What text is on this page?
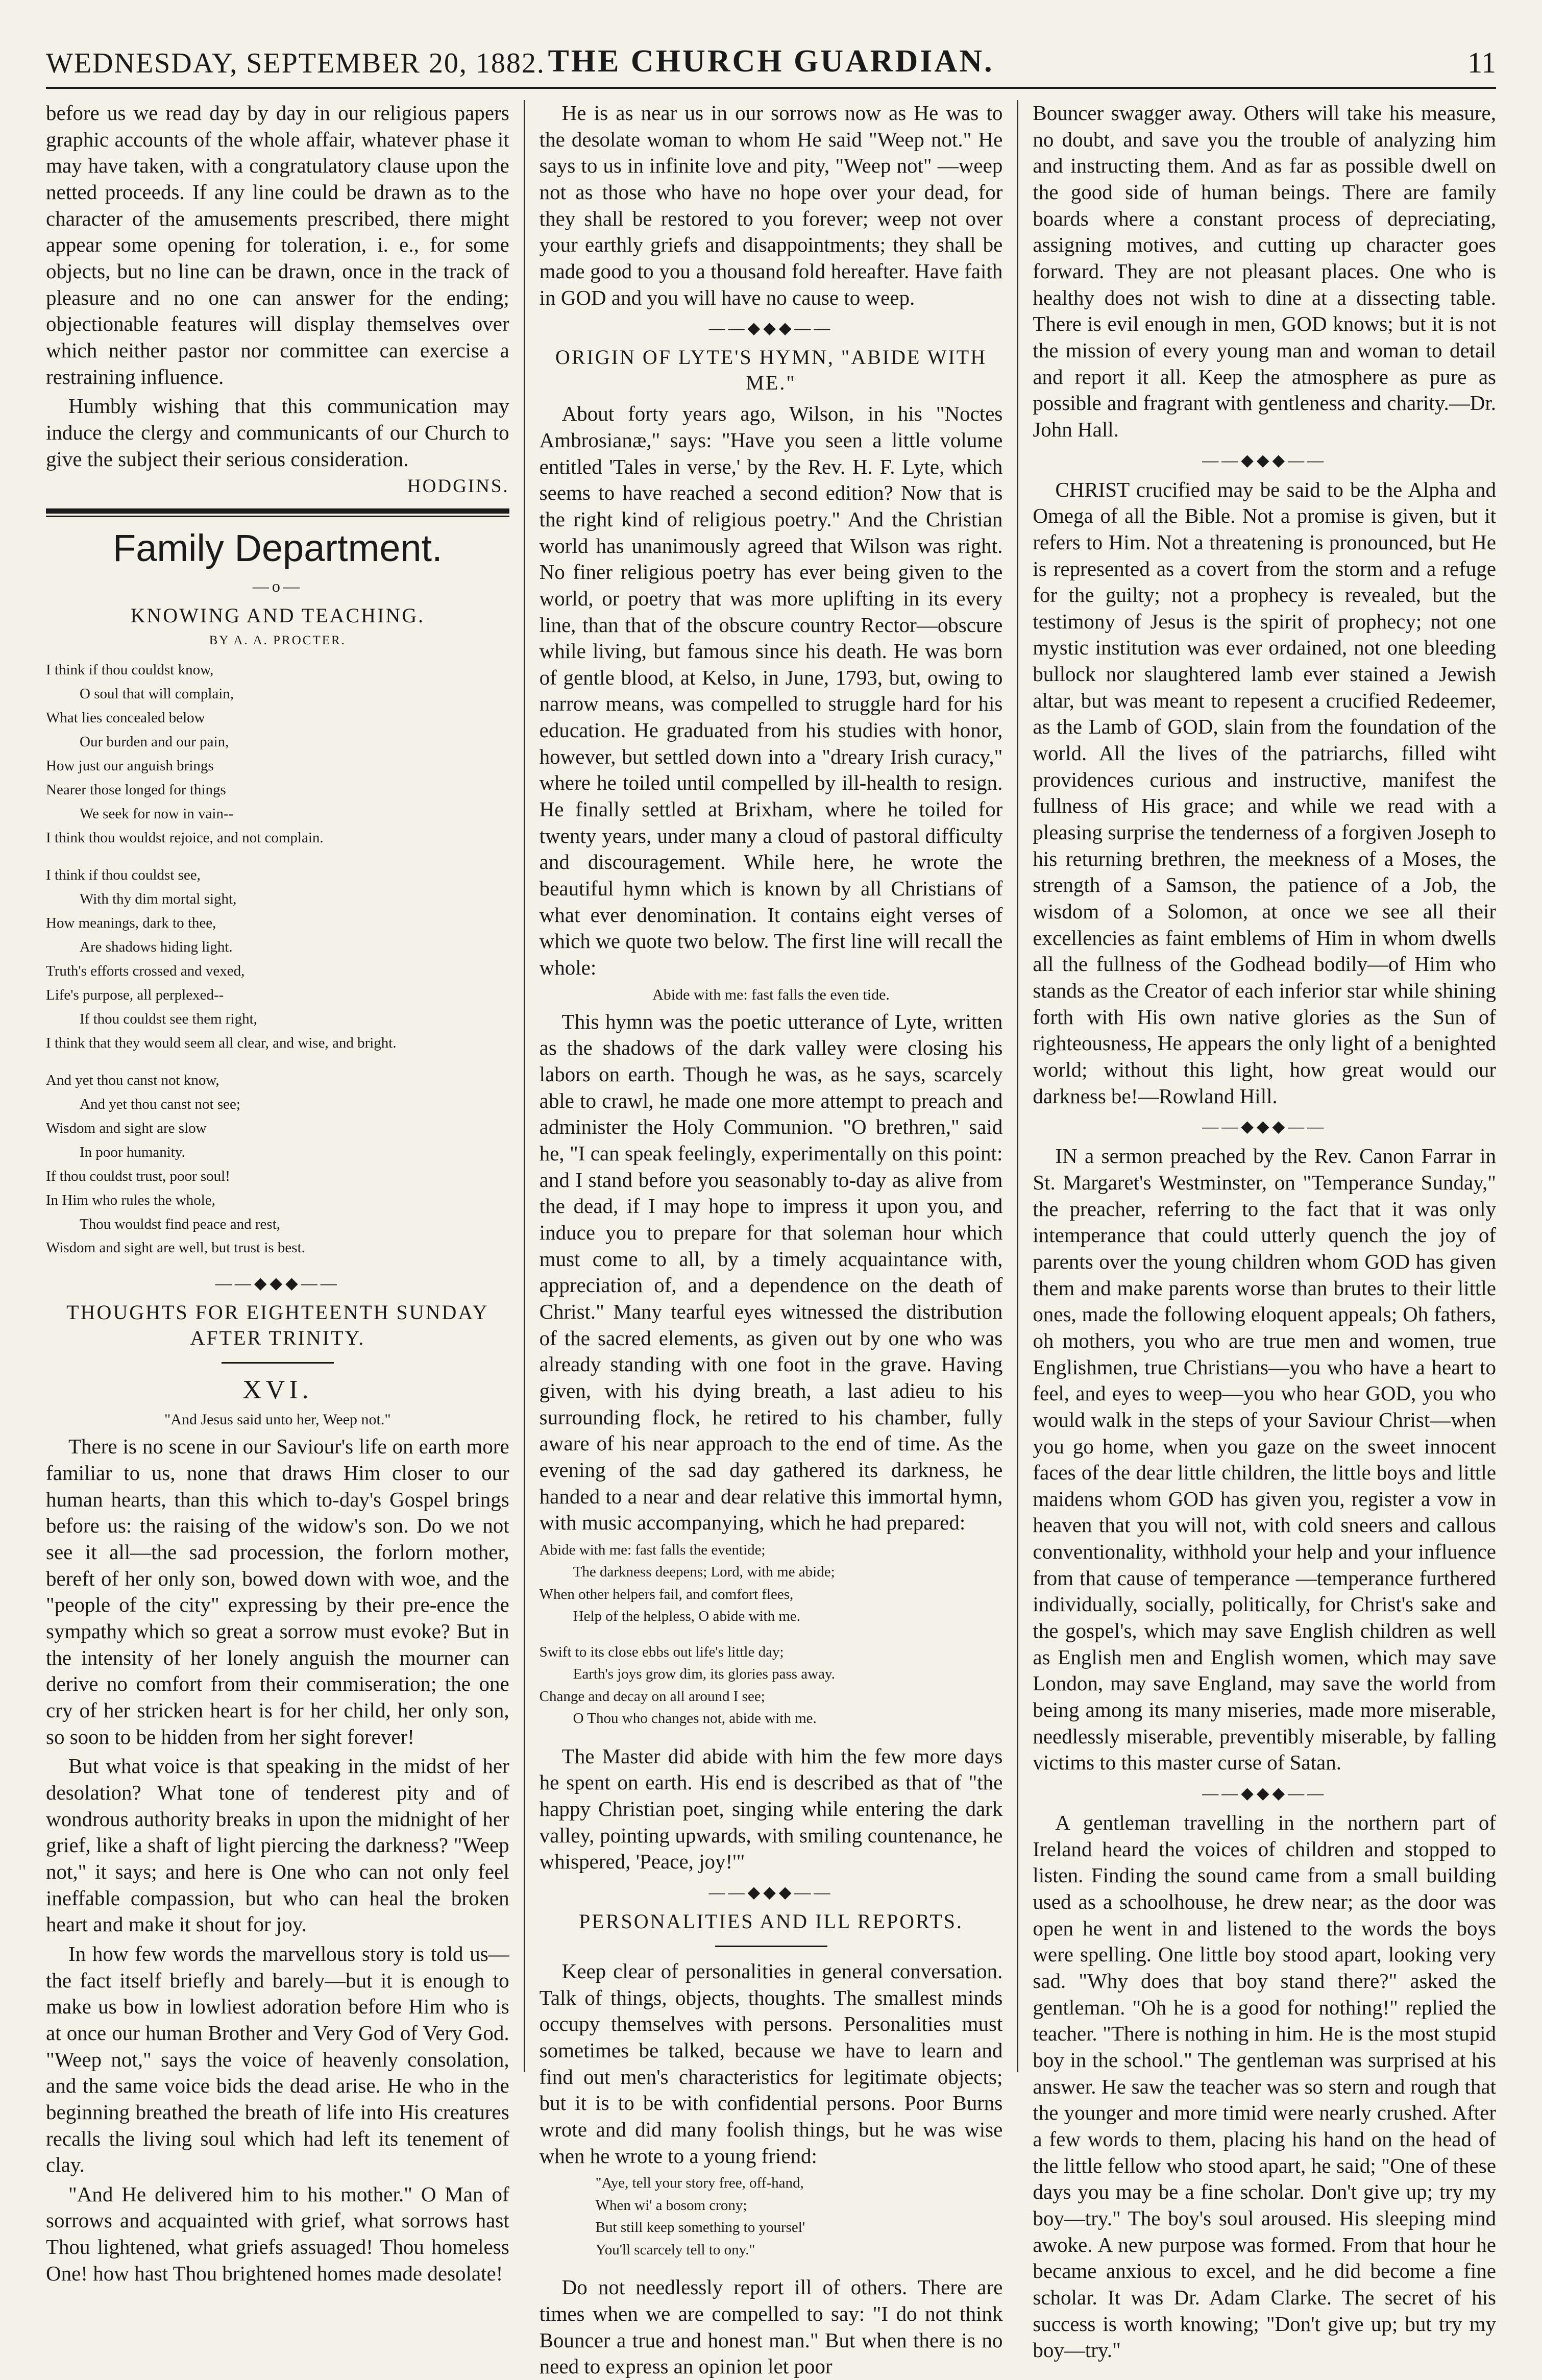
WEDNESDAY, SEPTEMBER 20, 1882. THE CHURCH GUARDIAN.	11

before us we read day by day in our religious papers graphic accounts of the whole affair, whatever phase it may have taken, with a congratulatory clause upon the netted proceeds. If any line could be drawn as to the character of the amusements prescribed, there might appear some opening for toleration, i. e., for some objects, but no line can be drawn, once in the track of pleasure and no one can answer for the ending; objectionable features will display themselves over which neither pastor nor committee can exercise a restraining influence.

Humbly wishing that this communication may induce the clergy and communicants of our Church to give the subject their serious consideration.

HODGINS.
Family Department.
—o—
KNOWING AND TEACHING.
BY A. A. PROCTER.
I think if thou couldst know,
O soul that will complain,
What lies concealed below
Our burden and our pain,
How just our anguish brings
Nearer those longed for things
We seek for now in vain--
I think thou wouldst rejoice, and not complain.
I think if thou couldst see,
With thy dim mortal sight,
How meanings, dark to thee,
Are shadows hiding light.
Truth's efforts crossed and vexed,
Life's purpose, all perplexed--
If thou couldst see them right,
I think that they would seem all clear, and wise, and bright.
And yet thou canst not know,
And yet thou canst not see;
Wisdom and sight are slow
In poor humanity.
If thou couldst trust, poor soul!
In Him who rules the whole,
Thou wouldst find peace and rest,
Wisdom and sight are well, but trust is best.
——◆◆◆——
THOUGHTS FOR EIGHTEENTH SUNDAY AFTER TRINITY.
XVI.
"And Jesus said unto her, Weep not."

There is no scene in our Saviour's life on earth more familiar to us, none that draws Him closer to our human hearts, than this which to-day's Gospel brings before us: the raising of the widow's son. Do we not see it all—the sad procession, the forlorn mother, bereft of her only son, bowed down with woe, and the "people of the city" expressing by their pre-ence the sympathy which so great a sorrow must evoke? But in the intensity of her lonely anguish the mourner can derive no comfort from their commiseration; the one cry of her stricken heart is for her child, her only son, so soon to be hidden from her sight forever!

But what voice is that speaking in the midst of her desolation? What tone of tenderest pity and of wondrous authority breaks in upon the midnight of her grief, like a shaft of light piercing the darkness? "Weep not," it says; and here is One who can not only feel ineffable compassion, but who can heal the broken heart and make it shout for joy.

In how few words the marvellous story is told us—the fact itself briefly and barely—but it is enough to make us bow in lowliest adoration before Him who is at once our human Brother and Very God of Very God. "Weep not," says the voice of heavenly consolation, and the same voice bids the dead arise. He who in the beginning breathed the breath of life into His creatures recalls the living soul which had left its tenement of clay.

"And He delivered him to his mother." O Man of sorrows and acquainted with grief, what sorrows hast Thou lightened, what griefs assuaged! Thou homeless One! how hast Thou brightened homes made desolate!

He is as near us in our sorrows now as He was to the desolate woman to whom He said "Weep not." He says to us in infinite love and pity, "Weep not" —weep not as those who have no hope over your dead, for they shall be restored to you forever; weep not over your earthly griefs and disappointments; they shall be made good to you a thousand fold hereafter. Have faith in GOD and you will have no cause to weep.

——◆◆◆——
ORIGIN OF LYTE'S HYMN, "ABIDE WITH ME."

About forty years ago, Wilson, in his "Noctes Ambrosianæ," says: "Have you seen a little volume entitled 'Tales in verse,' by the Rev. H. F. Lyte, which seems to have reached a second edition? Now that is the right kind of religious poetry." And the Christian world has unanimously agreed that Wilson was right. No finer religious poetry has ever being given to the world, or poetry that was more uplifting in its every line, than that of the obscure country Rector—obscure while living, but famous since his death. He was born of gentle blood, at Kelso, in June, 1793, but, owing to narrow means, was compelled to struggle hard for his education. He graduated from his studies with honor, however, but settled down into a "dreary Irish curacy," where he toiled until compelled by ill-health to resign. He finally settled at Brixham, where he toiled for twenty years, under many a cloud of pastoral difficulty and discouragement. While here, he wrote the beautiful hymn which is known by all Christians of what ever denomination. It contains eight verses of which we quote two below. The first line will recall the whole:

Abide with me: fast falls the even tide.

This hymn was the poetic utterance of Lyte, written as the shadows of the dark valley were closing his labors on earth. Though he was, as he says, scarcely able to crawl, he made one more attempt to preach and administer the Holy Communion. "O brethren," said he, "I can speak feelingly, experimentally on this point: and I stand before you seasonably to-day as alive from the dead, if I may hope to impress it upon you, and induce you to prepare for that soleman hour which must come to all, by a timely acquaintance with, appreciation of, and a dependence on the death of Christ." Many tearful eyes witnessed the distribution of the sacred elements, as given out by one who was already standing with one foot in the grave. Having given, with his dying breath, a last adieu to his surrounding flock, he retired to his chamber, fully aware of his near approach to the end of time. As the evening of the sad day gathered its darkness, he handed to a near and dear relative this immortal hymn, with music accompanying, which he had prepared:

Abide with me: fast falls the eventide;
The darkness deepens; Lord, with me abide;
When other helpers fail, and comfort flees,
Help of the helpless, O abide with me.
Swift to its close ebbs out life's little day;
Earth's joys grow dim, its glories pass away.
Change and decay on all around I see;
O Thou who changes not, abide with me.

The Master did abide with him the few more days he spent on earth. His end is described as that of "the happy Christian poet, singing while entering the dark valley, pointing upwards, with smiling countenance, he whispered, 'Peace, joy!'"

——◆◆◆——
PERSONALITIES AND ILL REPORTS.

Keep clear of personalities in general conversation. Talk of things, objects, thoughts. The smallest minds occupy themselves with persons. Personalities must sometimes be talked, because we have to learn and find out men's characteristics for legitimate objects; but it is to be with confidential persons. Poor Burns wrote and did many foolish things, but he was wise when he wrote to a young friend:

"Aye, tell your story free, off-hand,
When wi' a bosom crony;
But still keep something to yoursel'
You'll scarcely tell to ony."

Do not needlessly report ill of others. There are times when we are compelled to say: "I do not think Bouncer a true and honest man." But when there is no need to express an opinion let poor

Bouncer swagger away. Others will take his measure, no doubt, and save you the trouble of analyzing him and instructing them. And as far as possible dwell on the good side of human beings. There are family boards where a constant process of depreciating, assigning motives, and cutting up character goes forward. They are not pleasant places. One who is healthy does not wish to dine at a dissecting table. There is evil enough in men, GOD knows; but it is not the mission of every young man and woman to detail and report it all. Keep the atmosphere as pure as possible and fragrant with gentleness and charity.—Dr. John Hall.

——◆◆◆——

CHRIST crucified may be said to be the Alpha and Omega of all the Bible. Not a promise is given, but it refers to Him. Not a threatening is pronounced, but He is represented as a covert from the storm and a refuge for the guilty; not a prophecy is revealed, but the testimony of Jesus is the spirit of prophecy; not one mystic institution was ever ordained, not one bleeding bullock nor slaughtered lamb ever stained a Jewish altar, but was meant to repesent a crucified Redeemer, as the Lamb of GOD, slain from the foundation of the world. All the lives of the patriarchs, filled wiht providences curious and instructive, manifest the fullness of His grace; and while we read with a pleasing surprise the tenderness of a forgiven Joseph to his returning brethren, the meekness of a Moses, the strength of a Samson, the patience of a Job, the wisdom of a Solomon, at once we see all their excellencies as faint emblems of Him in whom dwells all the fullness of the Godhead bodily—of Him who stands as the Creator of each inferior star while shining forth with His own native glories as the Sun of righteousness, He appears the only light of a benighted world; without this light, how great would our darkness be!—Rowland Hill.

——◆◆◆——

IN a sermon preached by the Rev. Canon Farrar in St. Margaret's Westminster, on "Temperance Sunday," the preacher, referring to the fact that it was only intemperance that could utterly quench the joy of parents over the young children whom GOD has given them and make parents worse than brutes to their little ones, made the following eloquent appeals; Oh fathers, oh mothers, you who are true men and women, true Englishmen, true Christians—you who have a heart to feel, and eyes to weep—you who hear GOD, you who would walk in the steps of your Saviour Christ—when you go home, when you gaze on the sweet innocent faces of the dear little children, the little boys and little maidens whom GOD has given you, register a vow in heaven that you will not, with cold sneers and callous conventionality, withhold your help and your influence from that cause of temperance —temperance furthered individually, socially, politically, for Christ's sake and the gospel's, which may save English children as well as English men and English women, which may save London, may save England, may save the world from being among its many miseries, made more miserable, needlessly miserable, preventibly miserable, by falling victims to this master curse of Satan.

——◆◆◆——

A gentleman travelling in the northern part of Ireland heard the voices of children and stopped to listen. Finding the sound came from a small building used as a schoolhouse, he drew near; as the door was open he went in and listened to the words the boys were spelling. One little boy stood apart, looking very sad. "Why does that boy stand there?" asked the gentleman. "Oh he is a good for nothing!" replied the teacher. "There is nothing in him. He is the most stupid boy in the school." The gentleman was surprised at his answer. He saw the teacher was so stern and rough that the younger and more timid were nearly crushed. After a few words to them, placing his hand on the head of the little fellow who stood apart, he said; "One of these days you may be a fine scholar. Don't give up; try my boy—try." The boy's soul aroused. His sleeping mind awoke. A new purpose was formed. From that hour he became anxious to excel, and he did become a fine scholar. It was Dr. Adam Clarke. The secret of his success is worth knowing; "Don't give up; but try my boy—try."
